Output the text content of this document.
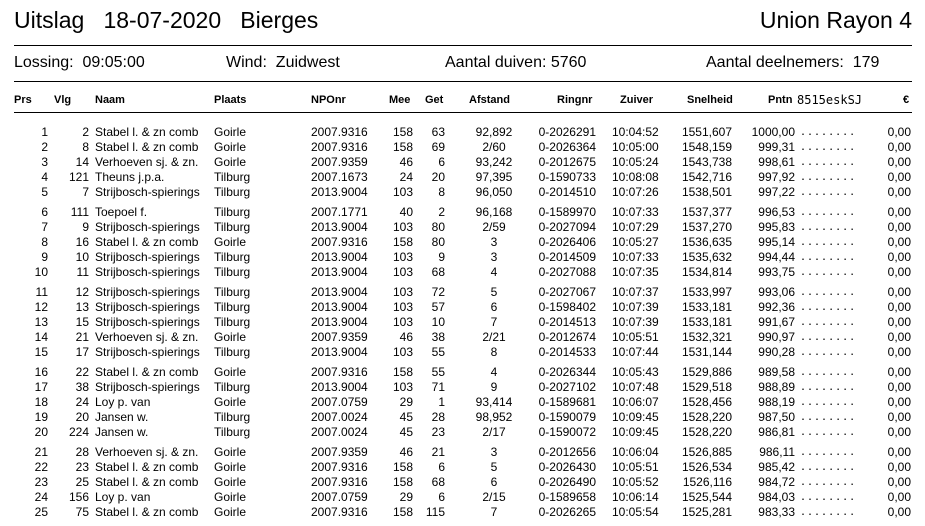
Uitslag   18-07-2020   Bierges	Union Rayon 4
Lossing:  09:05:00	Wind:  Zuidwest	Aantal duiven: 5760	Aantal deelnemers:  179
Prs Vlg Naam	Plaats	NPOnr	Mee Get Afstand	Ringnr	Zuiver	Snelheid	Pntn 8515eskSJ	€
1	2 Stabel l. & zn comb	Goirle	2007.9316	158	63	92,892	0-2026291 10:04:52	1551,607	1000,00 ........	0,00
2	8 Stabel l. & zn comb	Goirle	2007.9316	158	69	2/60	0-2026364 10:05:00	1548,159	999,31 ........	0,00
3	14 Verhoeven sj. & zn.	Goirle	2007.9359	46	6	93,242	0-2012675 10:05:24	1543,738	998,61 ........	0,00
4	121 Theuns j.p.a.	Tilburg	2007.1673	24	20	97,395	0-1590733 10:08:08	1542,716	997,92 ........	0,00
5	7 Strijbosch-spierings	Tilburg	2013.9004	103	8	96,050	0-2014510 10:07:26	1538,501	997,22 ........	0,00
6	111 Toepoel f.	Tilburg	2007.1771	40	2	96,168	0-1589970 10:07:33	1537,377	996,53 ........	0,00
7	9 Strijbosch-spierings	Tilburg	2013.9004	103	80	2/59	0-2027094 10:07:29	1537,270	995,83 ........	0,00
8	16 Stabel l. & zn comb	Goirle	2007.9316	158	80	3	0-2026406 10:05:27	1536,635	995,14 ........	0,00
9	10 Strijbosch-spierings	Tilburg	2013.9004	103	9	3	0-2014509 10:07:33	1535,632	994,44 ........	0,00
10	11 Strijbosch-spierings	Tilburg	2013.9004	103	68	4	0-2027088 10:07:35	1534,814	993,75 ........	0,00
11	12 Strijbosch-spierings	Tilburg	2013.9004	103	72	5	0-2027067 10:07:37	1533,997	993,06 ........	0,00
12	13 Strijbosch-spierings	Tilburg	2013.9004	103	57	6	0-1598402 10:07:39	1533,181	992,36 ........	0,00
13	15 Strijbosch-spierings	Tilburg	2013.9004	103	10	7	0-2014513 10:07:39	1533,181	991,67 ........	0,00
14	21 Verhoeven sj. & zn.	Goirle	2007.9359	46	38	2/21	0-2012674 10:05:51	1532,321	990,97 ........	0,00
15	17 Strijbosch-spierings	Tilburg	2013.9004	103	55	8	0-2014533 10:07:44	1531,144	990,28 ........	0,00
16	22 Stabel l. & zn comb	Goirle	2007.9316	158	55	4	0-2026344 10:05:43	1529,886	989,58 ........	0,00
17	38 Strijbosch-spierings	Tilburg	2013.9004	103	71	9	0-2027102 10:07:48	1529,518	988,89 ........	0,00
18	24 Loy p. van	Goirle	2007.0759	29	1	93,414	0-1589681 10:06:07	1528,456	988,19 ........	0,00
19	20 Jansen w.	Tilburg	2007.0024	45	28	98,952	0-1590079 10:09:45	1528,220	987,50 ........	0,00
20	224 Jansen w.	Tilburg	2007.0024	45	23	2/17	0-1590072 10:09:45	1528,220	986,81 ........	0,00
21	28 Verhoeven sj. & zn.	Goirle	2007.9359	46	21	3	0-2012656 10:06:04	1526,885	986,11 ........	0,00
22	23 Stabel l. & zn comb	Goirle	2007.9316	158	6	5	0-2026430 10:05:51	1526,534	985,42 ........	0,00
23	25 Stabel l. & zn comb	Goirle	2007.9316	158	68	6	0-2026490 10:05:52	1526,116	984,72 ........	0,00
24	156 Loy p. van	Goirle	2007.0759	29	6	2/15	0-1589658 10:06:14	1525,544	984,03 ........	0,00
25	75 Stabel l. & zn comb	Goirle	2007.9316	158	115	7	0-2026265 10:05:54	1525,281	983,33 ........	0,00
